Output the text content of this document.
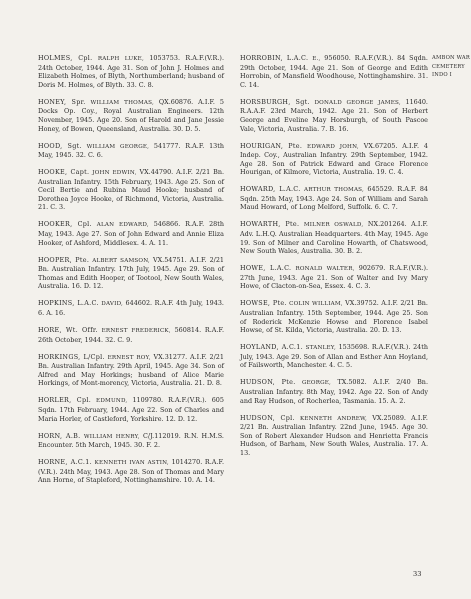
HOLMES, Cpl. RALPH LUKE, 1053753. R.A.F.(V.R.). 24th October, 1944. Age 31. Son of John J. Holmes and Elizabeth Holmes, of Blyth, Northumberland; husband of Doris M. Holmes, of Blyth. 33. C. 8.

HONEY, Spr. WILLIAM THOMAS, QX.60876. A.I.F. 5 Docks Op. Coy., Royal Australian Engineers. 12th November, 1945. Age 20. Son of Harold and Jane Jessie Honey, of Bowen, Queensland, Australia. 30. D. 5.

HOOD, Sgt. WILLIAM GEORGE, 541777. R.A.F. 13th May, 1945. 32. C. 6.

HOOKE, Capt. JOHN EDWIN, VX.44790. A.I.F. 2/21 Bn. Australian Infantry. 15th February, 1943. Age 25. Son of Cecil Bertie and Rubina Maud Hooke; husband of Dorothea Joyce Hooke, of Richmond, Victoria, Australia. 21. C. 3.

HOOKER, Cpl. ALAN EDWARD, 546866. R.A.F. 28th May, 1943. Age 27. Son of John Edward and Annie Eliza Hooker, of Ashford, Middlesex. 4. A. 11.

HOOPER, Pte. ALBERT SAMSON, VX.54751. A.I.F. 2/21 Bn. Australian Infantry. 17th July, 1945. Age 29. Son of Thomas and Edith Hooper, of Tootool, New South Wales, Australia. 16. D. 12.

HOPKINS, L.A.C. DAVID, 644602. R.A.F. 4th July, 1943. 6. A. 16.

HORE, Wt. Offr. ERNEST FREDERICK, 560814. R.A.F. 26th October, 1944. 32. C. 9.

HORKINGS, L/Cpl. ERNEST ROY, VX.31277. A.I.F. 2/21 Bn. Australian Infantry. 29th April, 1945. Age 34. Son of Alfred and May Horkings; husband of Alice Marie Horkings, of Mont-morency, Victoria, Australia. 21. D. 8.

HORLER, Cpl. EDMUND, 1109780. R.A.F.(V.R.). 605 Sqdn. 17th February, 1944. Age 22. Son of Charles and Maria Horler, of Castleford, Yorkshire. 12. D. 12.

HORN, A.B. WILLIAM HENRY, C/J.112019. R.N. H.M.S. Encounter. 5th March, 1945. 30. F. 2.

HORNE, A.C.1. KENNETH IVAN ASTIN, 1014270. R.A.F.(V.R.). 24th May, 1943. Age 28. Son of Thomas and Mary Ann Horne, of Stapleford, Nottinghamshire. 10. A. 14.

HORROBIN, L.A.C. E., 956050. R.A.F.(V.R.). 84 Sqdn. 29th October, 1944. Age 21. Son of George and Edith Horrobin, of Mansfield Woodhouse, Nottinghamshire. 31. C. 14.

HORSBURGH, Sgt. DONALD GEORGE JAMES, 11640. R.A.A.F. 23rd March, 1942. Age 21. Son of Herbert George and Eveline May Horsburgh, of South Pascoe Vale, Victoria, Australia. 7. B. 16.

HOURIGAN, Pte. EDWARD JOHN, VX.67205. A.I.F. 4 Indep. Coy., Australian Infantry. 29th September, 1942. Age 28. Son of Patrick Edward and Grace Florence Hourigan, of Kilmore, Victoria, Australia. 19. C. 4.

HOWARD, L.A.C. ARTHUR THOMAS, 645529. R.A.F. 84 Sqdn. 25th May, 1943. Age 24. Son of William and Sarah Maud Howard, of Long Melford, Suffolk. 6. C. 7.

HOWARTH, Pte. MILNER OSWALD, NX.201264. A.I.F. Adv. L.H.Q. Australian Headquarters. 4th May, 1945. Age 19. Son of Milner and Caroline Howarth, of Chatswood, New South Wales, Australia. 30. B. 2.

HOWE, L.A.C. RONALD WALTER, 902679. R.A.F.(V.R.). 27th June, 1943. Age 21. Son of Walter and Ivy Mary Howe, of Clacton-on-Sea, Essex. 4. C. 3.

HOWSE, Pte. COLIN WILLIAM, VX.39752. A.I.F. 2/21 Bn. Australian Infantry. 15th September, 1944. Age 25. Son of Roderick McKenzie Howse and Florence Isabel Howse, of St. Kilda, Victoria, Australia. 20. D. 13.

HOYLAND, A.C.1. STANLEY, 1535698. R.A.F.(V.R.). 24th July, 1943. Age 29. Son of Allan and Esther Ann Hoyland, of Failsworth, Manchester. 4. C. 5.

HUDSON, Pte. GEORGE, TX.5082. A.I.F. 2/40 Bn. Australian Infantry. 8th May, 1942. Age 22. Son of Andy and Ray Hudson, of Rocherlea, Tasmania. 15. A. 2.

HUDSON, Cpl. KENNETH ANDREW, VX.25089. A.I.F. 2/21 Bn. Australian Infantry. 22nd June, 1945. Age 30. Son of Robert Alexander Hudson and Henrietta Francis Hudson, of Barham, New South Wales, Australia. 17. A. 13.

AMBON WAR
CEMETERY
INDO I
33
